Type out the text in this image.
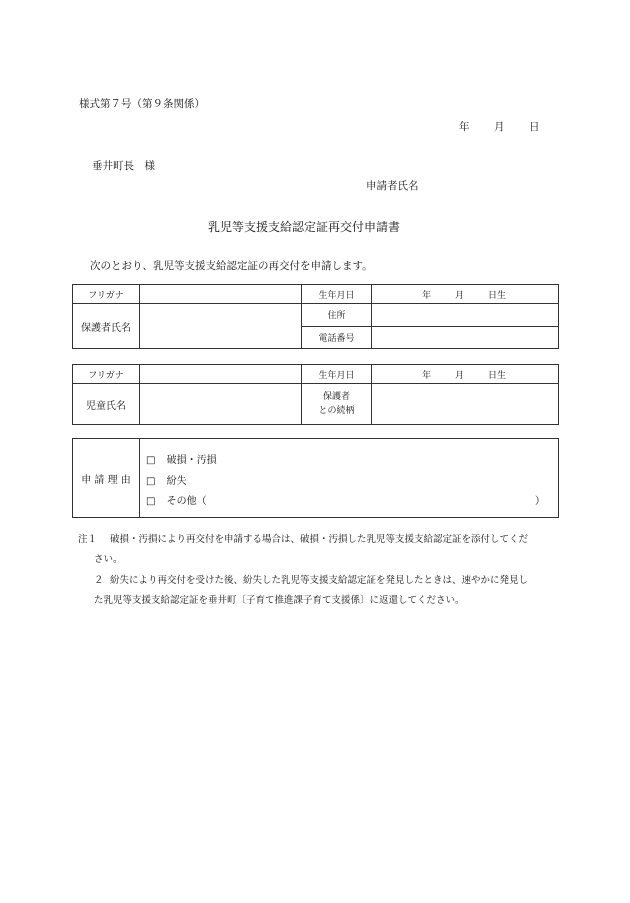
様式第７号（第９条関係）
年 月 日
垂井町長　様
申請者氏名
乳児等支援支給認定証再交付申請書
次のとおり、乳児等支援支給認定証の再交付を申請します。
フリガナ		生年月日	年 月 日生
保護者氏名		住所	
		電話番号	
フリガナ		生年月日	年 月 日生
児童氏名		保護者
との続柄	

申 請 理 由	
□ 破損・汚損
□ 紛失
□ その他（	）
注１ 破損・汚損により再交付を申請する場合は、破損・汚損した乳児等支援支給認定証を添付してくだ
さい。
２ 紛失により再交付を受けた後、紛失した乳児等支援支給認定証を発見したときは、速やかに発見し
た乳児等支援支給認定証を垂井町〔子育て推進課子育て支援係〕に返還してください。
